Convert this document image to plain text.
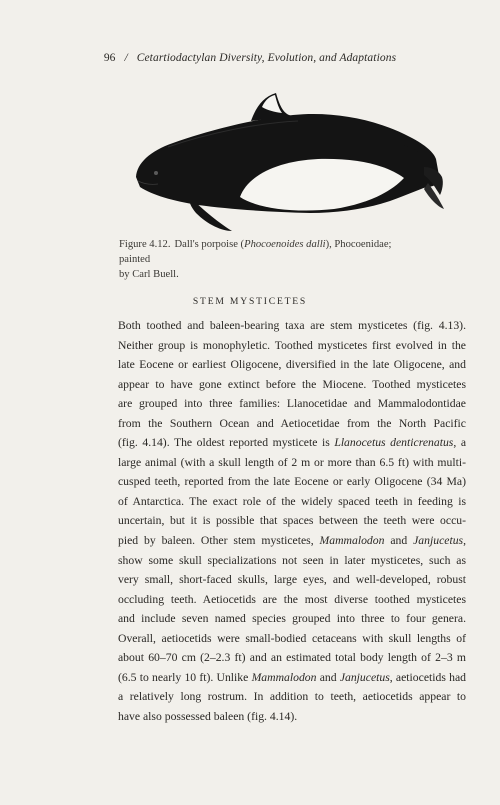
96 / Cetartiodactylan Diversity, Evolution, and Adaptations
Figure 4.12. Dall's porpoise (Phocoenoides dalli), Phocoenidae; painted
by Carl Buell.
STEM MYSTICETES
Both toothed and baleen-bearing taxa are stem mysticetes (fig. 4.13).
Neither group is monophyletic. Toothed mysticetes first evolved in the
late Eocene or earliest Oligocene, diversified in the late Oligocene, and
appear to have gone extinct before the Miocene. Toothed mysticetes
are grouped into three families: Llanocetidae and Mammalodontidae
from the Southern Ocean and Aetiocetidae from the North Pacific
(fig. 4.14). The oldest reported mysticete is Llanocetus denticrenatus, a
large animal (with a skull length of 2 m or more than 6.5 ft) with multi-
cusped teeth, reported from the late Eocene or early Oligocene (34 Ma)
of Antarctica. The exact role of the widely spaced teeth in feeding is
uncertain, but it is possible that spaces between the teeth were occu-
pied by baleen. Other stem mysticetes, Mammalodon and Janjucetus,
show some skull specializations not seen in later mysticetes, such as
very small, short-faced skulls, large eyes, and well-developed, robust
occluding teeth. Aetiocetids are the most diverse toothed mysticetes
and include seven named species grouped into three to four genera.
Overall, aetiocetids were small-bodied cetaceans with skull lengths of
about 60–70 cm (2–2.3 ft) and an estimated total body length of 2–3 m
(6.5 to nearly 10 ft). Unlike Mammalodon and Janjucetus, aetiocetids had
a relatively long rostrum. In addition to teeth, aetiocetids appear to
have also possessed baleen (fig. 4.14).
